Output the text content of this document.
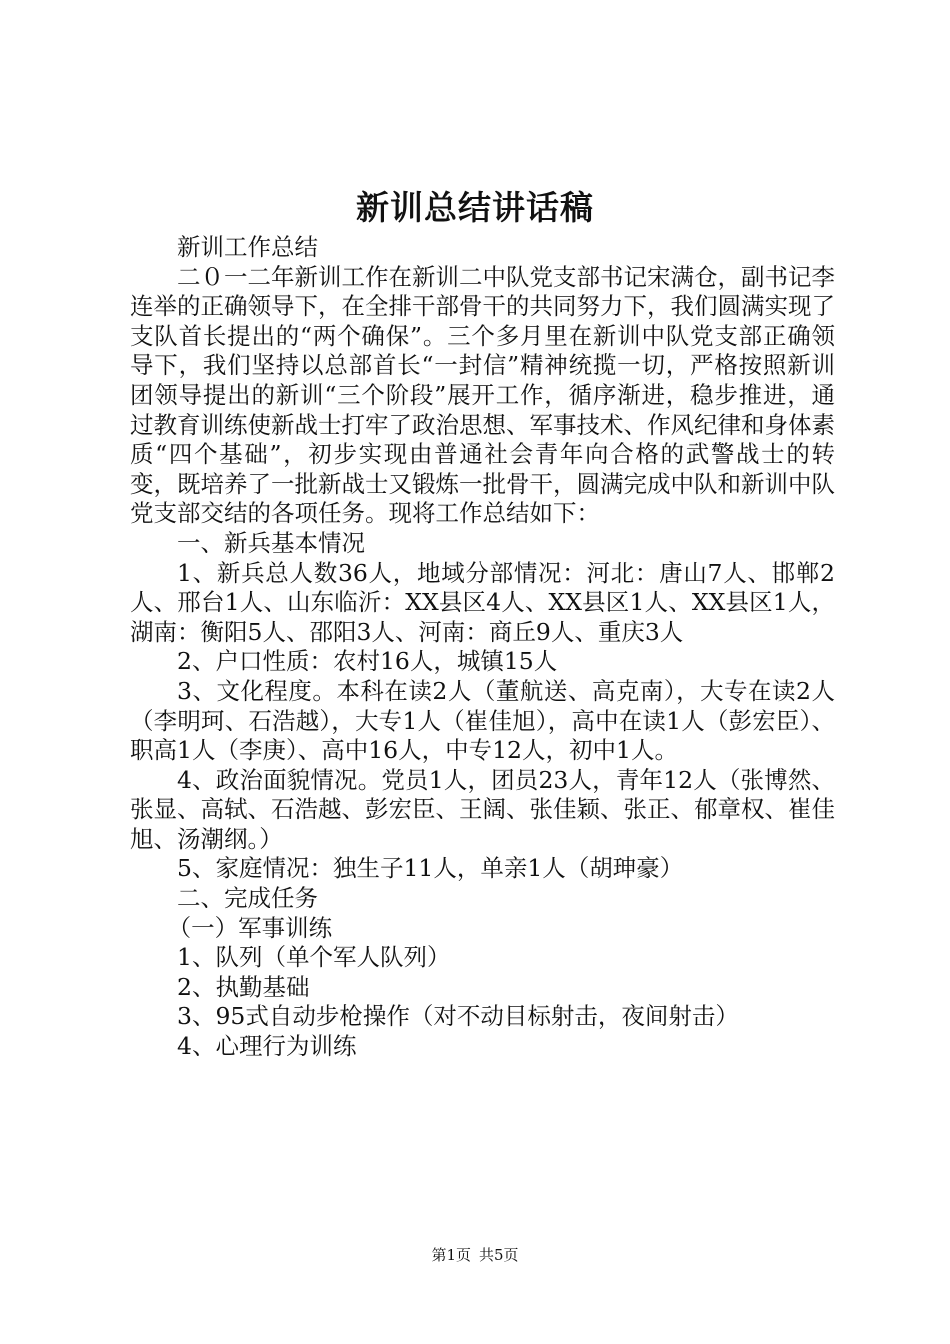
新训总结讲话稿

新训工作总结

二０一二年新训工作在新训二中队党支部书记宋满仓，副书记李连举的正确领导下，在全排干部骨干的共同努力下，我们圆满实现了支队首长提出的“两个确保”。三个多月里在新训中队党支部正确领导下，我们坚持以总部首长“一封信”精神统揽一切，严格按照新训团领导提出的新训“三个阶段”展开工作，循序渐进，稳步推进，通过教育训练使新战士打牢了政治思想、军事技术、作风纪律和身体素质“四个基础”，初步实现由普通社会青年向合格的武警战士的转变，既培养了一批新战士又锻炼一批骨干，圆满完成中队和新训中队党支部交结的各项任务。现将工作总结如下：

一、新兵基本情况

1、新兵总人数36人，地域分部情况：河北：唐山7人、邯郸2人、邢台1人、山东临沂：XX县区4人、XX县区1人、XX县区1人，湖南：衡阳5人、邵阳3人、河南：商丘9人、重庆3人

2、户口性质：农村16人，城镇15人

3、文化程度。本科在读2人（董航送、高克南），大专在读2人（李明珂、石浩越），大专1人（崔佳旭），高中在读1人（彭宏臣）、职高1人（李庚）、高中16人，中专12人，初中1人。

4、政治面貌情况。党员1人，团员23人，青年12人（张博然、张显、高轼、石浩越、彭宏臣、王阔、张佳颖、张正、郁章权、崔佳旭、汤潮纲。）

5、家庭情况：独生子11人，单亲1人（胡珅豪）

二、完成任务

（一）军事训练

1、队列（单个军人队列）

2、执勤基础

3、95式自动步枪操作（对不动目标射击，夜间射击）

4、心理行为训练

第1页 共5页
